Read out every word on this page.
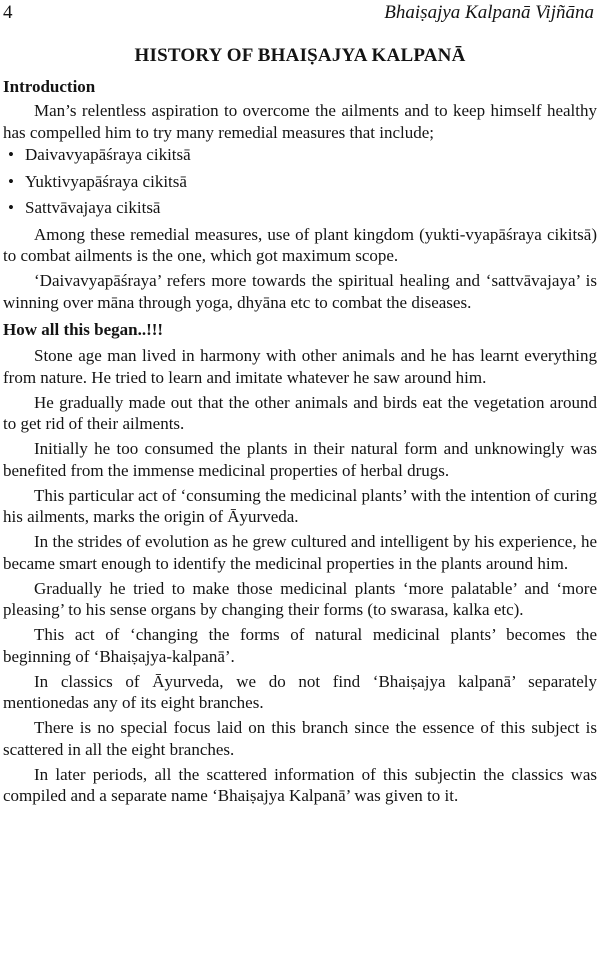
4	Bhaiṣajya Kalpanā Vijñāna
HISTORY OF BHAIṢAJYA KALPANĀ
Introduction

Man’s relentless aspiration to overcome the ailments and to keep himself healthy has compelled him to try many remedial measures that include;

• Daivavyapāśraya cikitsā
• Yuktivyapāśraya cikitsā
• Sattvāvajaya cikitsā

Among these remedial measures, use of plant kingdom (yukti-vyapāśraya cikitsā) to combat ailments is the one, which got maximum scope.

‘Daivavyapāśraya’ refers more towards the spiritual healing and ‘sattvāvajaya’ is winning over māna through yoga, dhyāna etc to combat the diseases.

How all this began..!!!

Stone age man lived in harmony with other animals and he has learnt everything from nature. He tried to learn and imitate whatever he saw around him.

He gradually made out that the other animals and birds eat the vegetation around to get rid of their ailments.

Initially he too consumed the plants in their natural form and unknowingly was benefited from the immense medicinal properties of herbal drugs.

This particular act of ‘consuming the medicinal plants’ with the intention of curing his ailments, marks the origin of Āyurveda.

In the strides of evolution as he grew cultured and intelligent by his experience, he became smart enough to identify the medicinal properties in the plants around him.

Gradually he tried to make those medicinal plants ‘more palatable’ and ‘more pleasing’ to his sense organs by changing their forms (to swarasa, kalka etc).

This act of ‘changing the forms of natural medicinal plants’ becomes the beginning of ‘Bhaiṣajya-kalpanā’.

In classics of Āyurveda, we do not find ‘Bhaiṣajya kalpanā’ separately mentionedas any of its eight branches.

There is no special focus laid on this branch since the essence of this subject is scattered in all the eight branches.

In later periods, all the scattered information of this subjectin the classics was compiled and a separate name ‘Bhaiṣajya Kalpanā’ was given to it.
